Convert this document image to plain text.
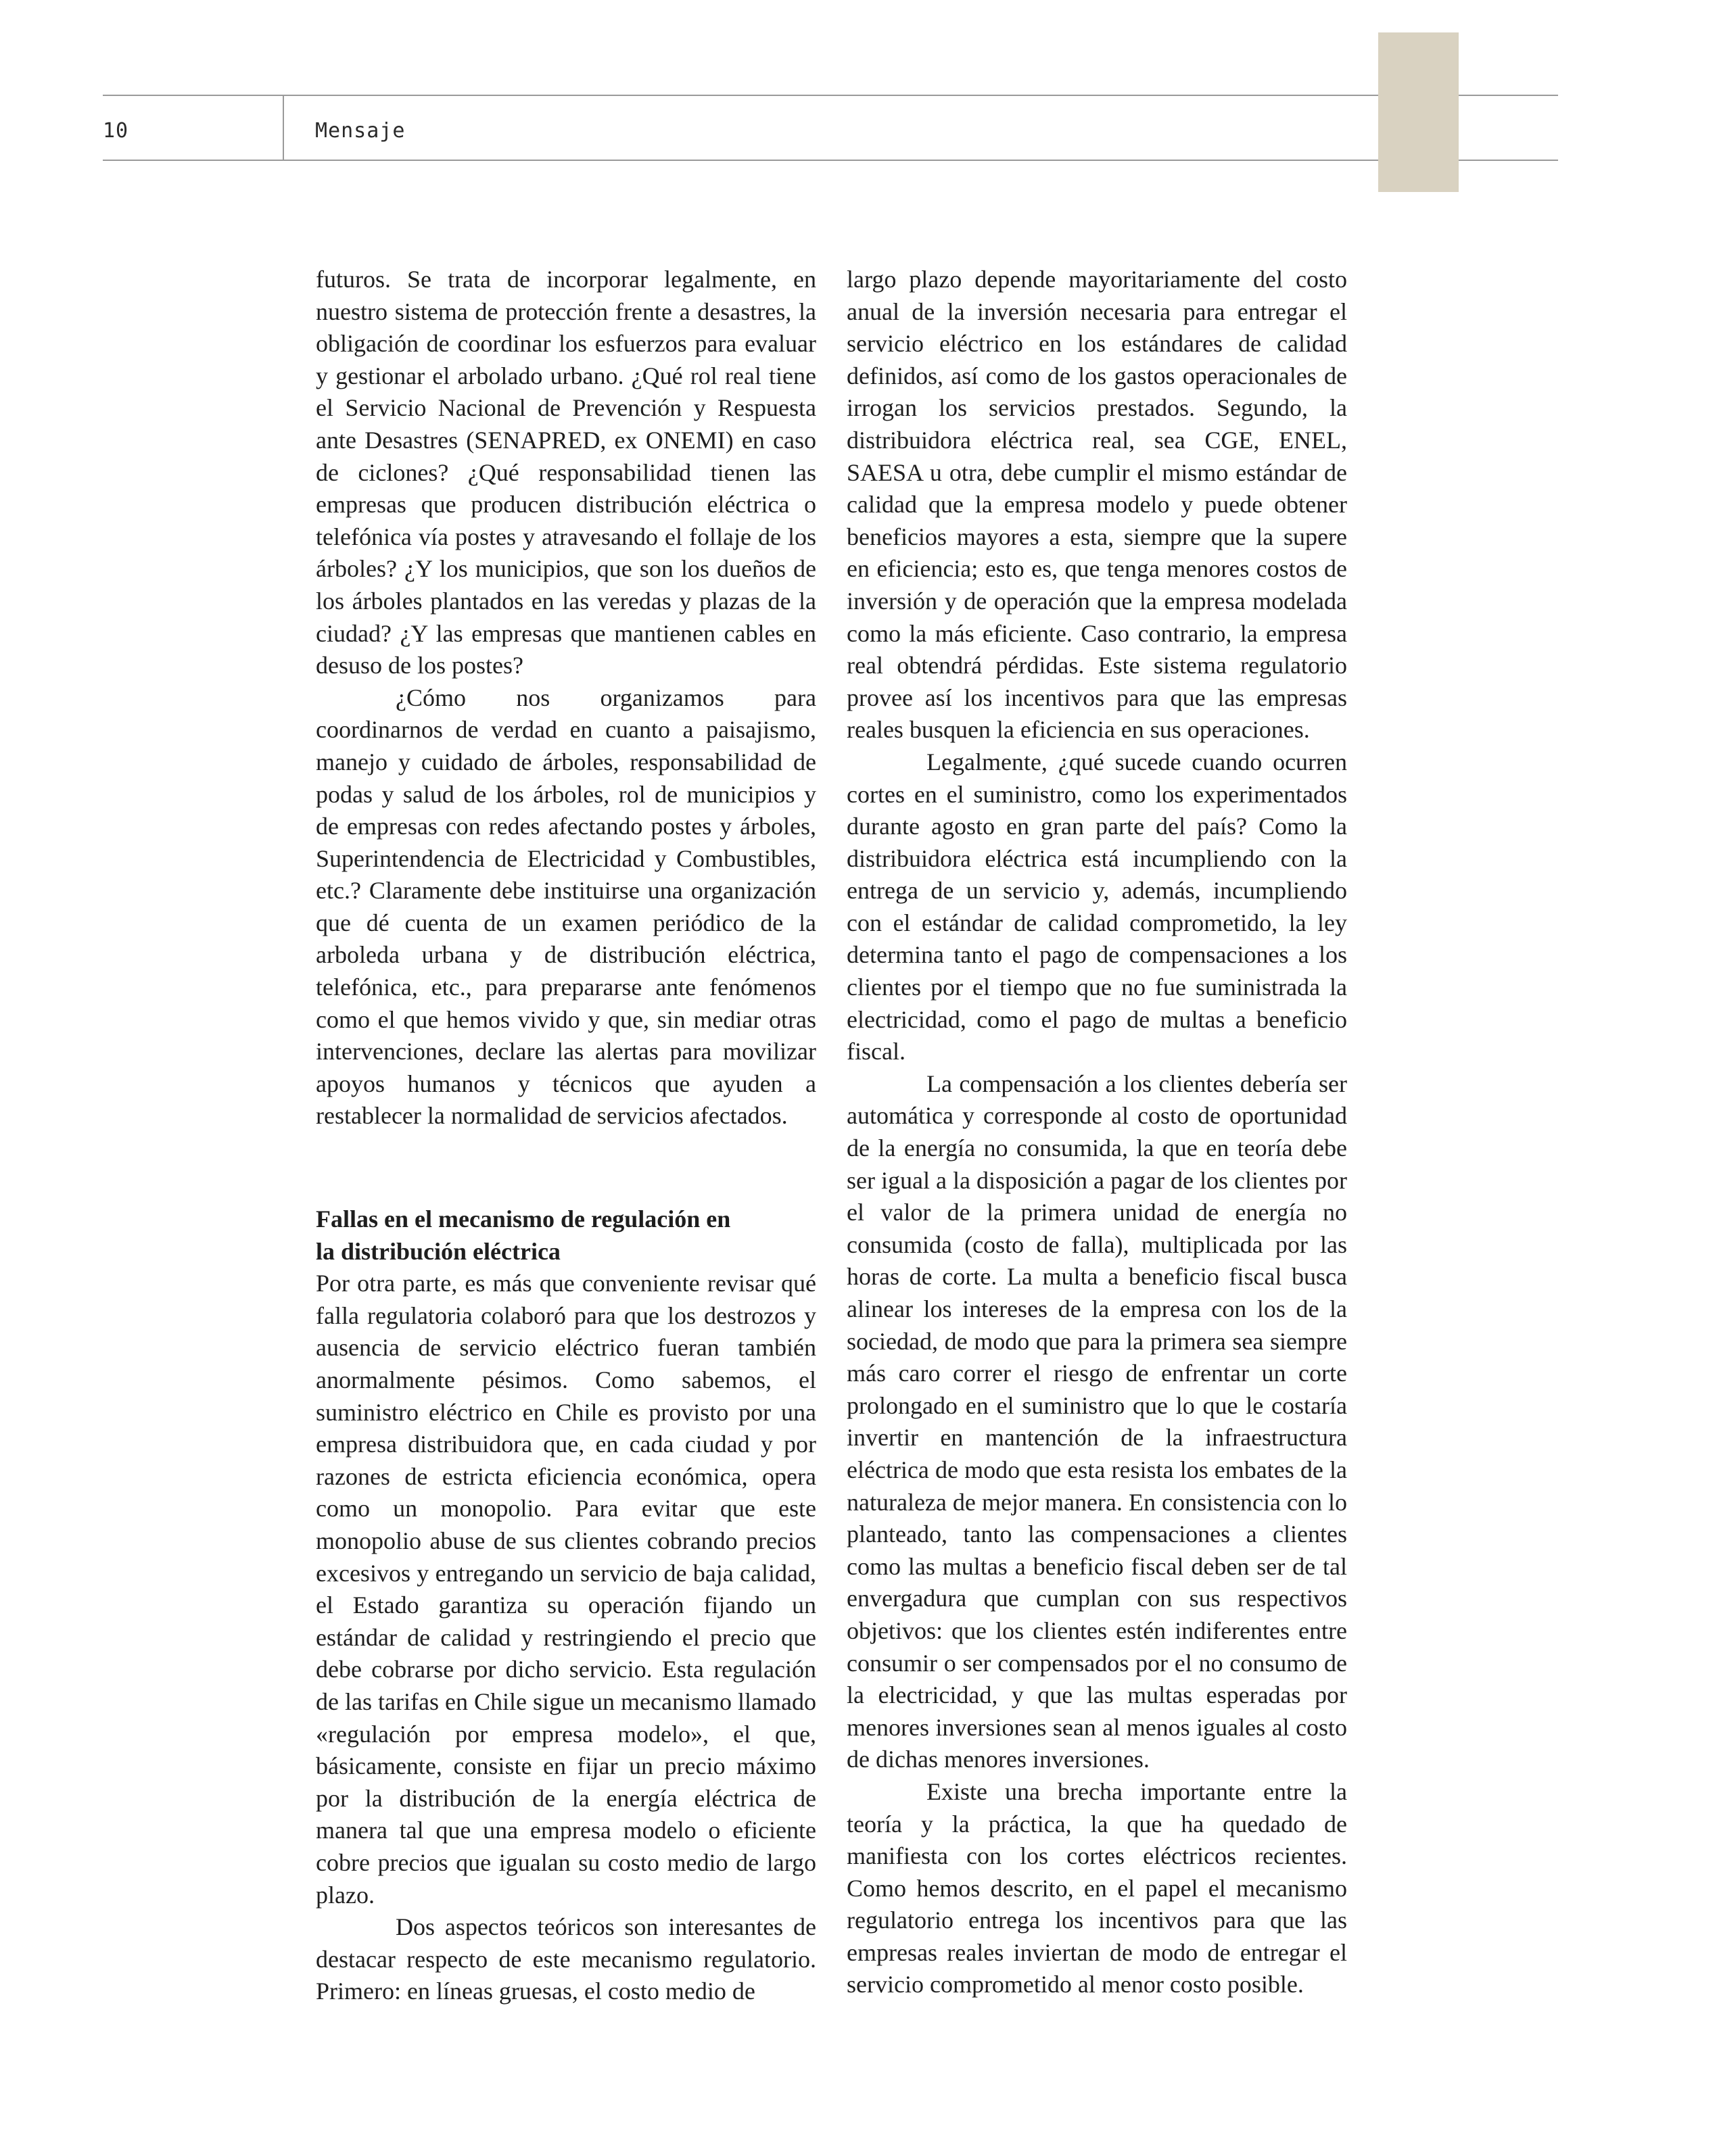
10	Mensaje

futuros. Se trata de incorporar legalmente, en nuestro sistema de protección frente a desastres, la obligación de coordinar los esfuerzos para evaluar y gestionar el arbolado urbano. ¿Qué rol real tiene el Servicio Nacional de Prevención y Respuesta ante Desastres (SENAPRED, ex ONEMI) en caso de ciclones? ¿Qué responsabilidad tienen las empresas que producen distribución eléctrica o telefónica vía postes y atravesando el follaje de los árboles? ¿Y los municipios, que son los dueños de los árboles plantados en las veredas y plazas de la ciudad? ¿Y las empresas que mantienen cables en desuso de los postes?

¿Cómo nos organizamos para coordinarnos de verdad en cuanto a paisajismo, manejo y cuidado de árboles, responsabilidad de podas y salud de los árboles, rol de municipios y de empresas con redes afectando postes y árboles, Superintendencia de Electricidad y Combustibles, etc.? Claramente debe instituirse una organización que dé cuenta de un examen periódico de la arboleda urbana y de distribución eléctrica, telefónica, etc., para prepararse ante fenómenos como el que hemos vivido y que, sin mediar otras intervenciones, declare las alertas para movilizar apoyos humanos y técnicos que ayuden a restablecer la normalidad de servicios afectados.

Fallas en el mecanismo de regulación en la distribución eléctrica

Por otra parte, es más que conveniente revisar qué falla regulatoria colaboró para que los destrozos y ausencia de servicio eléctrico fueran también anormalmente pésimos. Como sabemos, el suministro eléctrico en Chile es provisto por una empresa distribuidora que, en cada ciudad y por razones de estricta eficiencia económica, opera como un monopolio. Para evitar que este monopolio abuse de sus clientes cobrando precios excesivos y entregando un servicio de baja calidad, el Estado garantiza su operación fijando un estándar de calidad y restringiendo el precio que debe cobrarse por dicho servicio. Esta regulación de las tarifas en Chile sigue un mecanismo llamado «regulación por empresa modelo», el que, básicamente, consiste en fijar un precio máximo por la distribución de la energía eléctrica de manera tal que una empresa modelo o eficiente cobre precios que igualan su costo medio de largo plazo.

Dos aspectos teóricos son interesantes de destacar respecto de este mecanismo regulatorio. Primero: en líneas gruesas, el costo medio de

largo plazo depende mayoritariamente del costo anual de la inversión necesaria para entregar el servicio eléctrico en los estándares de calidad definidos, así como de los gastos operacionales de irrogan los servicios prestados. Segundo, la distribuidora eléctrica real, sea CGE, ENEL, SAESA u otra, debe cumplir el mismo estándar de calidad que la empresa modelo y puede obtener beneficios mayores a esta, siempre que la supere en eficiencia; esto es, que tenga menores costos de inversión y de operación que la empresa modelada como la más eficiente. Caso contrario, la empresa real obtendrá pérdidas. Este sistema regulatorio provee así los incentivos para que las empresas reales busquen la eficiencia en sus operaciones.

Legalmente, ¿qué sucede cuando ocurren cortes en el suministro, como los experimentados durante agosto en gran parte del país? Como la distribuidora eléctrica está incumpliendo con la entrega de un servicio y, además, incumpliendo con el estándar de calidad comprometido, la ley determina tanto el pago de compensaciones a los clientes por el tiempo que no fue suministrada la electricidad, como el pago de multas a beneficio fiscal.

La compensación a los clientes debería ser automática y corresponde al costo de oportunidad de la energía no consumida, la que en teoría debe ser igual a la disposición a pagar de los clientes por el valor de la primera unidad de energía no consumida (costo de falla), multiplicada por las horas de corte. La multa a beneficio fiscal busca alinear los intereses de la empresa con los de la sociedad, de modo que para la primera sea siempre más caro correr el riesgo de enfrentar un corte prolongado en el suministro que lo que le costaría invertir en mantención de la infraestructura eléctrica de modo que esta resista los embates de la naturaleza de mejor manera. En consistencia con lo planteado, tanto las compensaciones a clientes como las multas a beneficio fiscal deben ser de tal envergadura que cumplan con sus respectivos objetivos: que los clientes estén indiferentes entre consumir o ser compensados por el no consumo de la electricidad, y que las multas esperadas por menores inversiones sean al menos iguales al costo de dichas menores inversiones.

Existe una brecha importante entre la teoría y la práctica, la que ha quedado de manifiesta con los cortes eléctricos recientes. Como hemos descrito, en el papel el mecanismo regulatorio entrega los incentivos para que las empresas reales inviertan de modo de entregar el servicio comprometido al menor costo posible.
